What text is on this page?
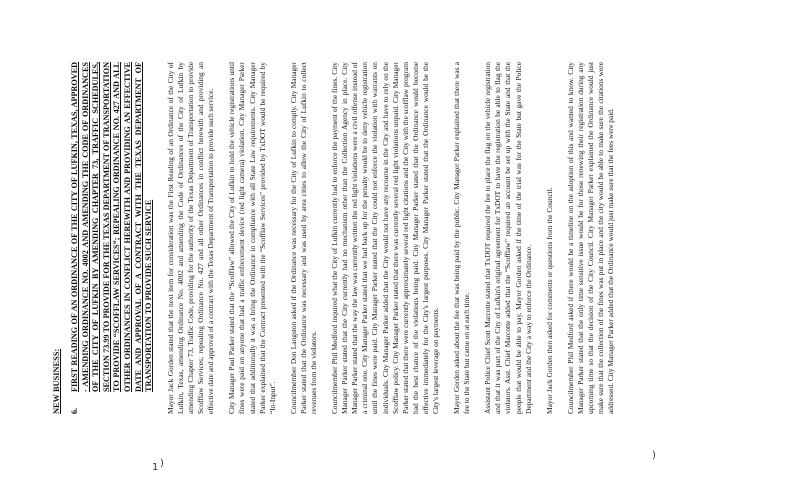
NEW BUSINESS: 6.
FIRST READING OF AN ORDINANCE OF THE CITY OF LUFKIN, TEXAS, APPROVED - AMENDING ORDINANCE NO. 4002 AND AMENDING THE CODE OF ORDINANCES OF THE CITY OF LUFKIN BY AMENDING CHAPTER 73, TRAFFIC SCHEDULES, SECTION 73.99 TO PROVIDE FOR THE TEXAS DEPARTMENT OF TRANSPORTATION TO PROVIDE “SCOFFLAW SERVICES”; REPEALING ORDINANCE NO. 427 AND ALL OTHER ORDINANCES IN CONFLICT HEREWITH AND PROVIDING AN EFFECTIVE DATE AND APPROVAL OF A CONTRACT WITH THE TEXAS DEPARTMENT OF TRANSPORTATION TO PROVIDE SUCH SERVICE Mayor Jack Gorden stated that the next item for consideration was the First Reading of an Ordinance of the City of Lufkin, Texas, amending Ordinance No. 4002 and amending the Code of Ordinances of the City of Lufkin by amending Chapter 73, Traffic Code, providing for the authority of the Texas Department of Transportation to provide Scofflaw Services; repealing Ordinance No. 427 and all other Ordinances in conflict herewith and providing an effective date and approval of a contract with the Texas Department of Transportation to provide such service. City Manager Paul Parker stated that the “Scofflaw” allowed the City of Lufkin to hold the vehicle registrations until fines were paid on anyone that had a traffic enforcement device (red light camera) violation. City Manager Parker stated that additionally it was a bring the Ordinance in compliance with all State Law requirements. City Manager Parker explained that the Contract presented with the “Scofflaw Services” provided by TxDOT would be required by “In-Input”. Councilmember Don Langston asked if the Ordinance was necessary for the City of Lufkin to comply. City Manager Parker stated that the Ordinance was necessary and was used by area cities to allow the City of Lufkin to collect revenues from the violators. Councilmember Phil Medford inquired what the City of Lufkin currently had to enforce the payment of the fines. City Manager Parker stated that the City currently had no mechanism other than the Collection Agency in place. City Manager Parker stated that the way the law was currently written the red light violations were a civil offense instead of a criminal one. City Manager Parker stated that we had back up for the penalty would be to deny vehicle registration until the fines were paid. City Manager Parker stated that the City could not enforce the violation with warrants on individuals. City Manager Parker added that the City would not have any recourse in the City and have to rely on the Scofflaw policy. City Manager Parker stated that there was currently several red light violations unpaid. City Manager Parker stated that there were currently approximately several red light citations and the City with the scofflaw program had the best chance of the violations being paid. City Manager Parker stated that the Ordinance would become effective immediately for the City's largest purposes. City Manager Parker stated that the Ordinance would be the City's largest leverage on payments. Mayor Gorden asked about the fee that was being paid by the public. City Manager Parker explained that there was a fee to the State but came on at each time. Assistant Police Chief Scott Marcotte stated that TxDOT required the fee to place the flag on the vehicle registration and that it was part of the City of Lufkin's original agreement for TxDOT to have the registration be able to flag the violators. Asst. Chief Marcotte added that the “Scofflaw” required an account be set up with the State and that the people that would be able to pay. Mayor Gorden asked if the time of the trial was for the State but gave the Police Department and the City a way to enforce the Ordinance. Mayor Jack Gorden then asked for comments or questions from the Council. Councilmember Phil Medford asked if there would be a timeline on the adoption of this and wanted to know. City Manager Parker stated that the only time sensitive issue would be for those renewing their registration during any upcoming time so that the decision of the City Council. City Manager Parker explained the Ordinance would just make sure that the collection of the fines was put in place and the city would be able to make sure the citations were addressed. City Manager Parker added that the Ordinance would just make sure that the fees were paid.

1 )
)
